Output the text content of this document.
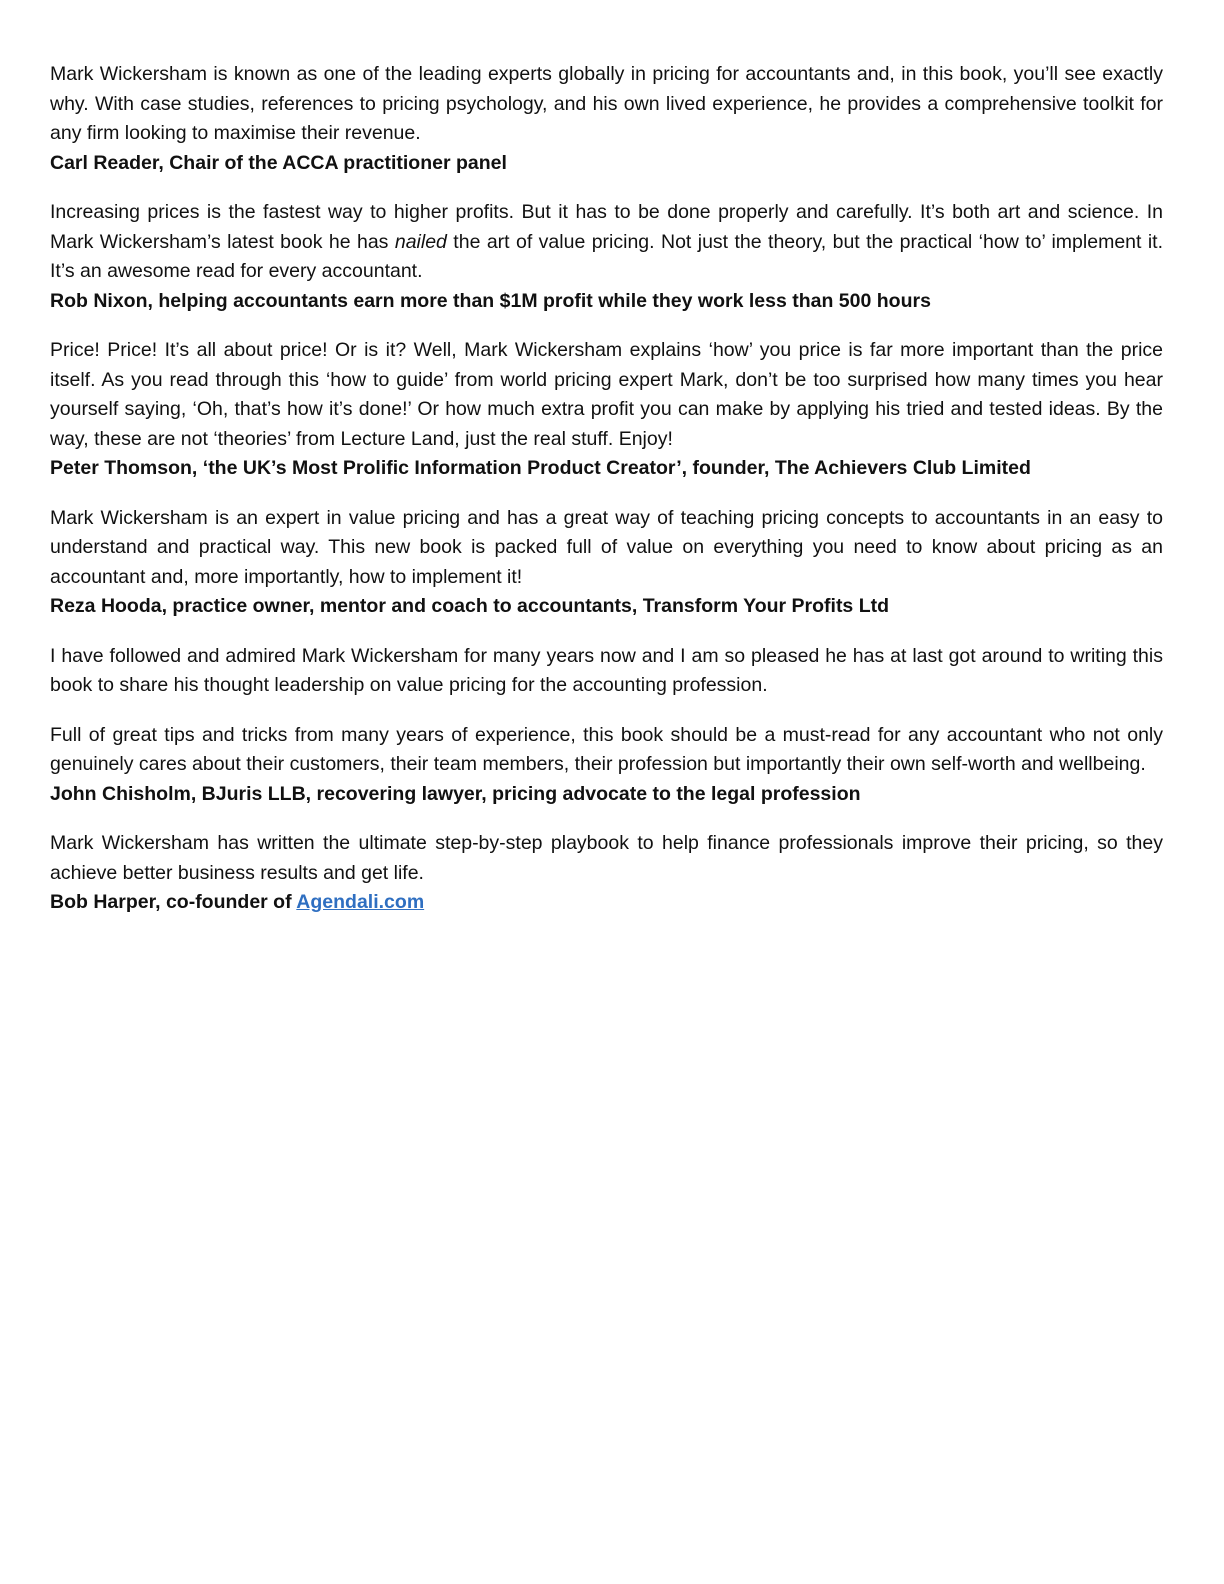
Mark Wickersham is known as one of the leading experts globally in pricing for accountants and, in this book, you’ll see exactly why. With case studies, references to pricing psychology, and his own lived experience, he provides a comprehensive toolkit for any firm looking to maximise their revenue.

Carl Reader, Chair of the ACCA practitioner panel

Increasing prices is the fastest way to higher profits. But it has to be done properly and carefully. It’s both art and science. In Mark Wickersham’s latest book he has nailed the art of value pricing. Not just the theory, but the practical ‘how to’ implement it. It’s an awesome read for every accountant.

Rob Nixon, helping accountants earn more than $1M profit while they work less than 500 hours

Price! Price! It’s all about price! Or is it? Well, Mark Wickersham explains ‘how’ you price is far more important than the price itself. As you read through this ‘how to guide’ from world pricing expert Mark, don’t be too surprised how many times you hear yourself saying, ‘Oh, that’s how it’s done!’ Or how much extra profit you can make by applying his tried and tested ideas. By the way, these are not ‘theories’ from Lecture Land, just the real stuff. Enjoy!

Peter Thomson, ‘the UK’s Most Prolific Information Product Creator’, founder, The Achievers Club Limited

Mark Wickersham is an expert in value pricing and has a great way of teaching pricing concepts to accountants in an easy to understand and practical way. This new book is packed full of value on everything you need to know about pricing as an accountant and, more importantly, how to implement it!

Reza Hooda, practice owner, mentor and coach to accountants, Transform Your Profits Ltd

I have followed and admired Mark Wickersham for many years now and I am so pleased he has at last got around to writing this book to share his thought leadership on value pricing for the accounting profession.

Full of great tips and tricks from many years of experience, this book should be a must-read for any accountant who not only genuinely cares about their customers, their team members, their profession but importantly their own self-worth and wellbeing.

John Chisholm, BJuris LLB, recovering lawyer, pricing advocate to the legal profession

Mark Wickersham has written the ultimate step-by-step playbook to help finance professionals improve their pricing, so they achieve better business results and get life.

Bob Harper, co-founder of Agendali.com
